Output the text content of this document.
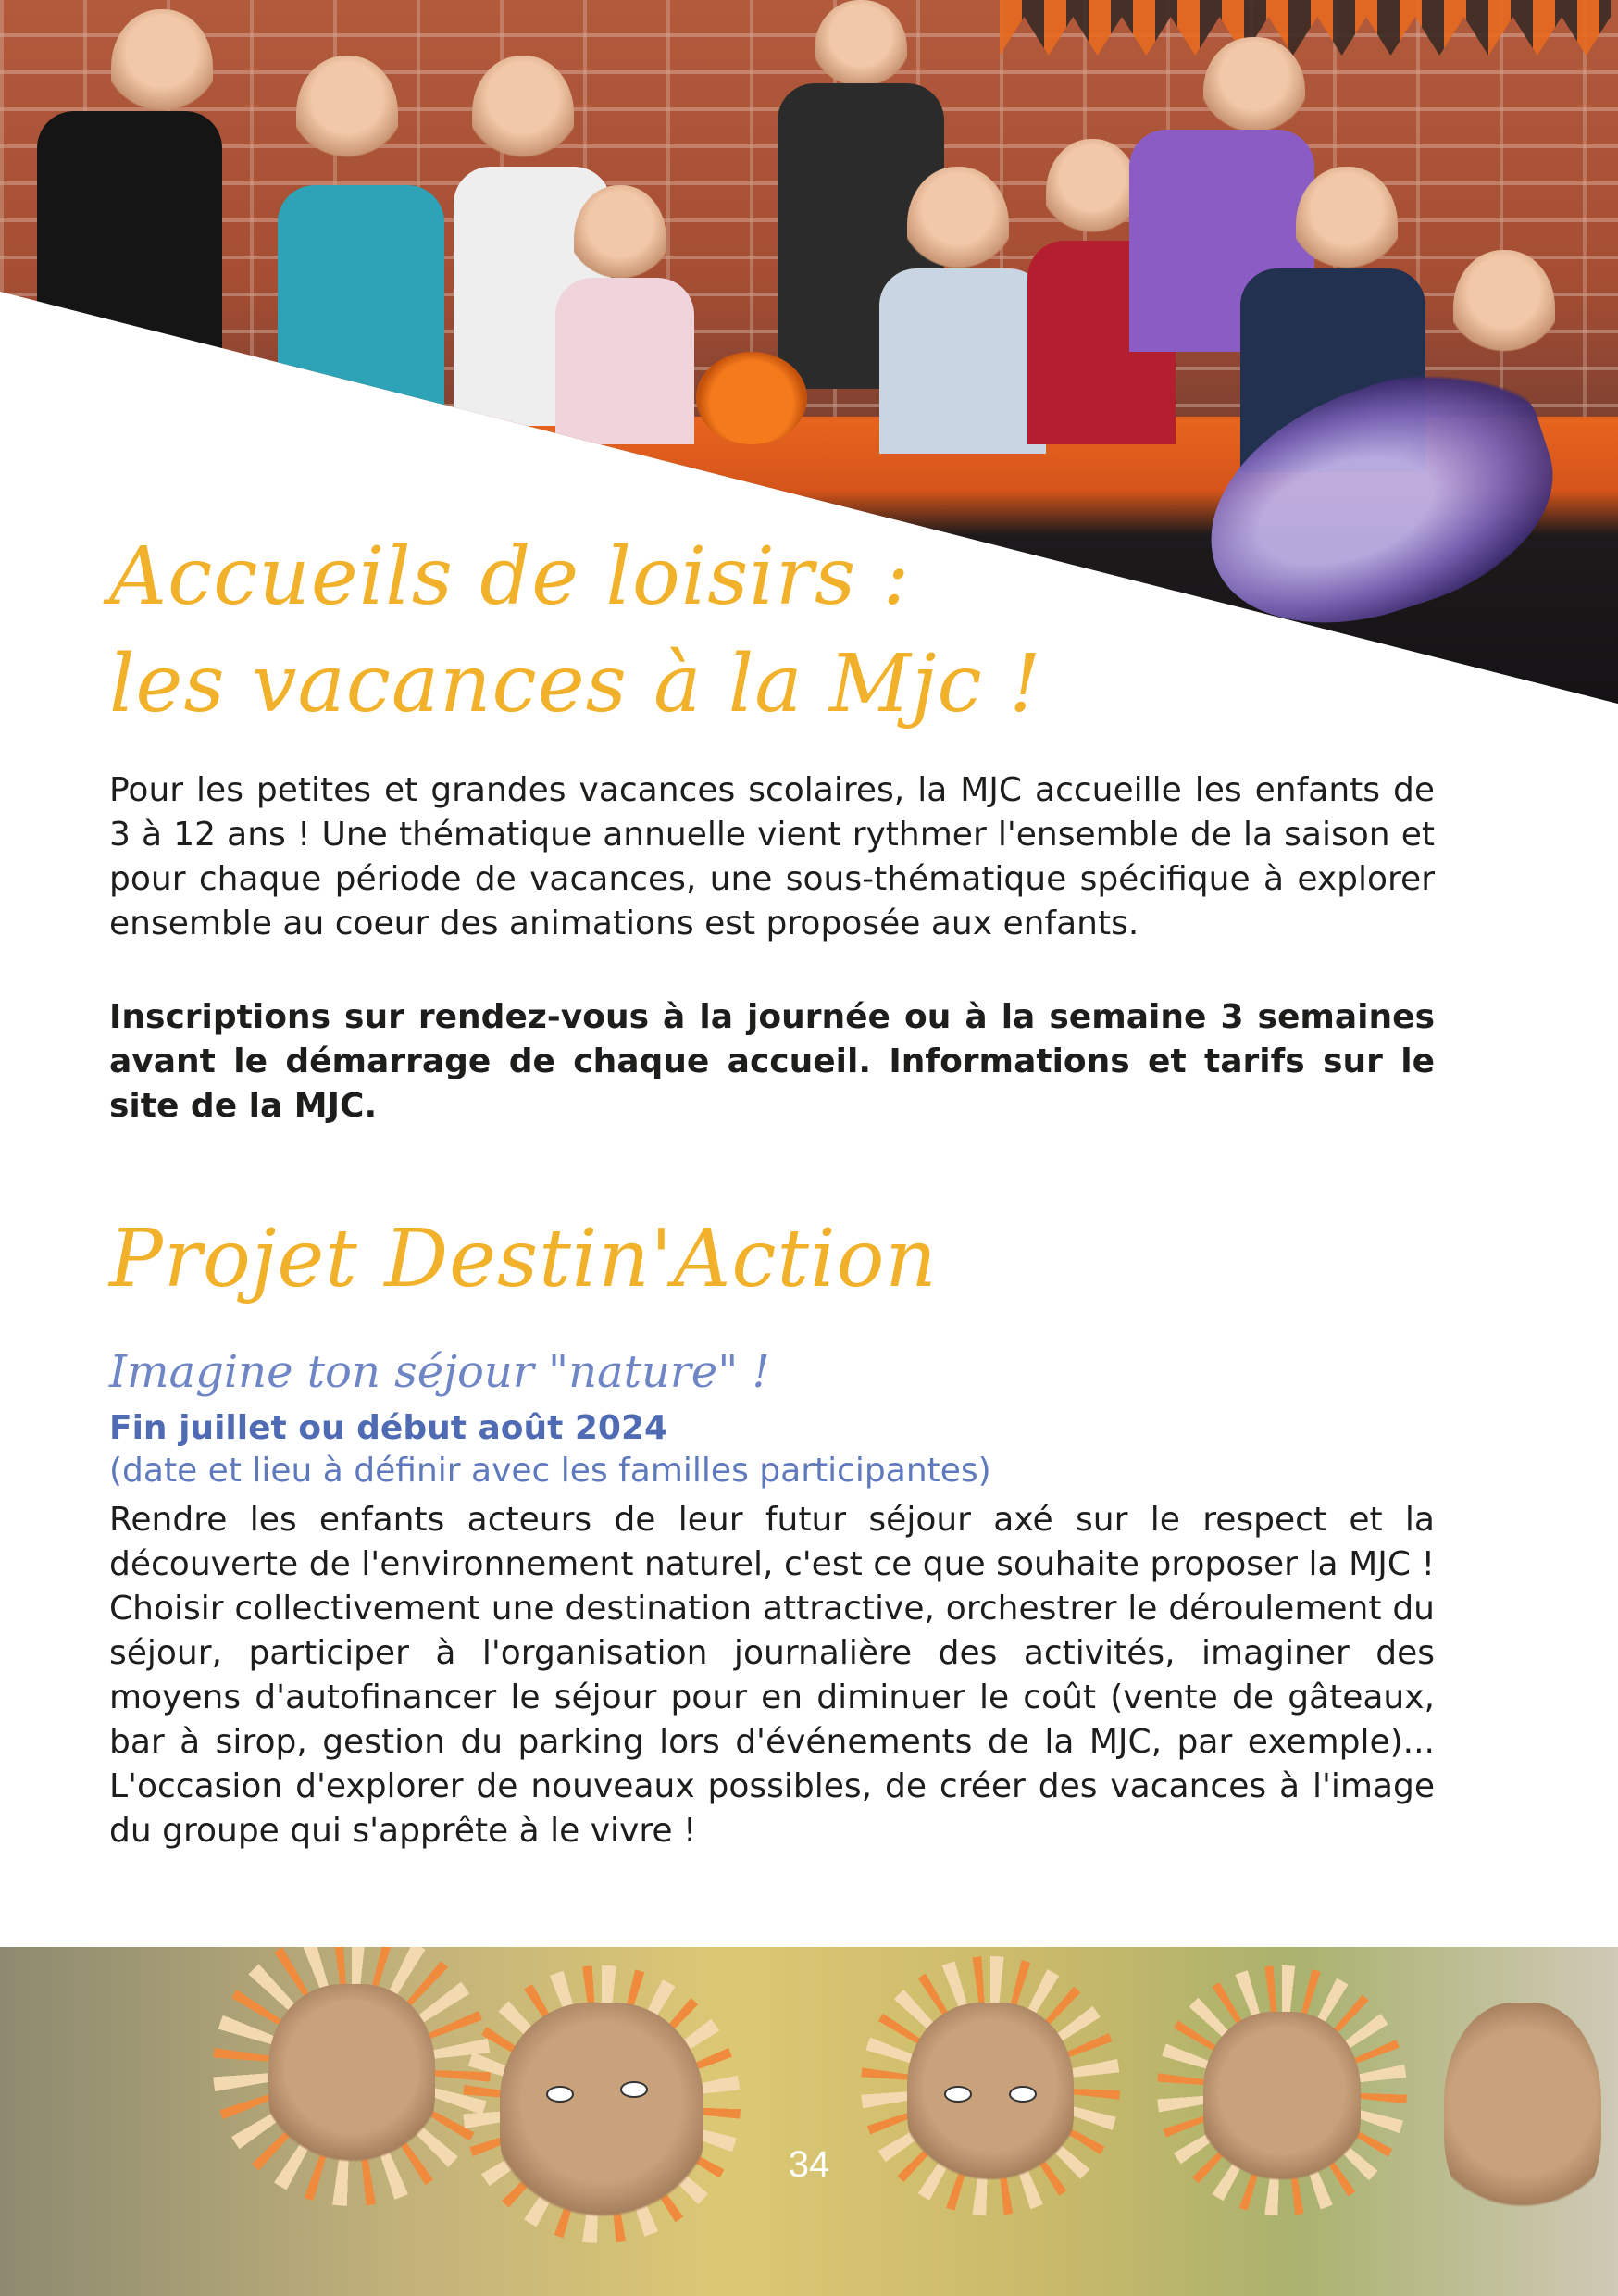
Accueils de loisirs :
les vacances à la Mjc !

Pour les petites et grandes vacances scolaires, la MJC accueille les enfants de 3 à 12 ans ! Une thématique annuelle vient rythmer l'ensemble de la saison et pour chaque période de vacances, une sous-thématique spécifique à explorer ensemble au coeur des animations est proposée aux enfants.

Inscriptions sur rendez-vous à la journée ou à la semaine 3 semaines avant le démarrage de chaque accueil. Informations et tarifs sur le site de la MJC.

Projet Destin'Action

Imagine ton séjour "nature" !

Fin juillet ou début août 2024

(date et lieu à définir avec les familles participantes)

Rendre les enfants acteurs de leur futur séjour axé sur le respect et la découverte de l'environnement naturel, c'est ce que souhaite proposer la MJC ! Choisir collectivement une destination attractive, orchestrer le déroulement du séjour, participer à l'organisation journalière des activités, imaginer des moyens d'autofinancer le séjour pour en diminuer le coût (vente de gâteaux, bar à sirop, gestion du parking lors d'événements de la MJC, par exemple)... L'occasion d'explorer de nouveaux possibles, de créer des vacances à l'image du groupe qui s'apprête à le vivre !

34
